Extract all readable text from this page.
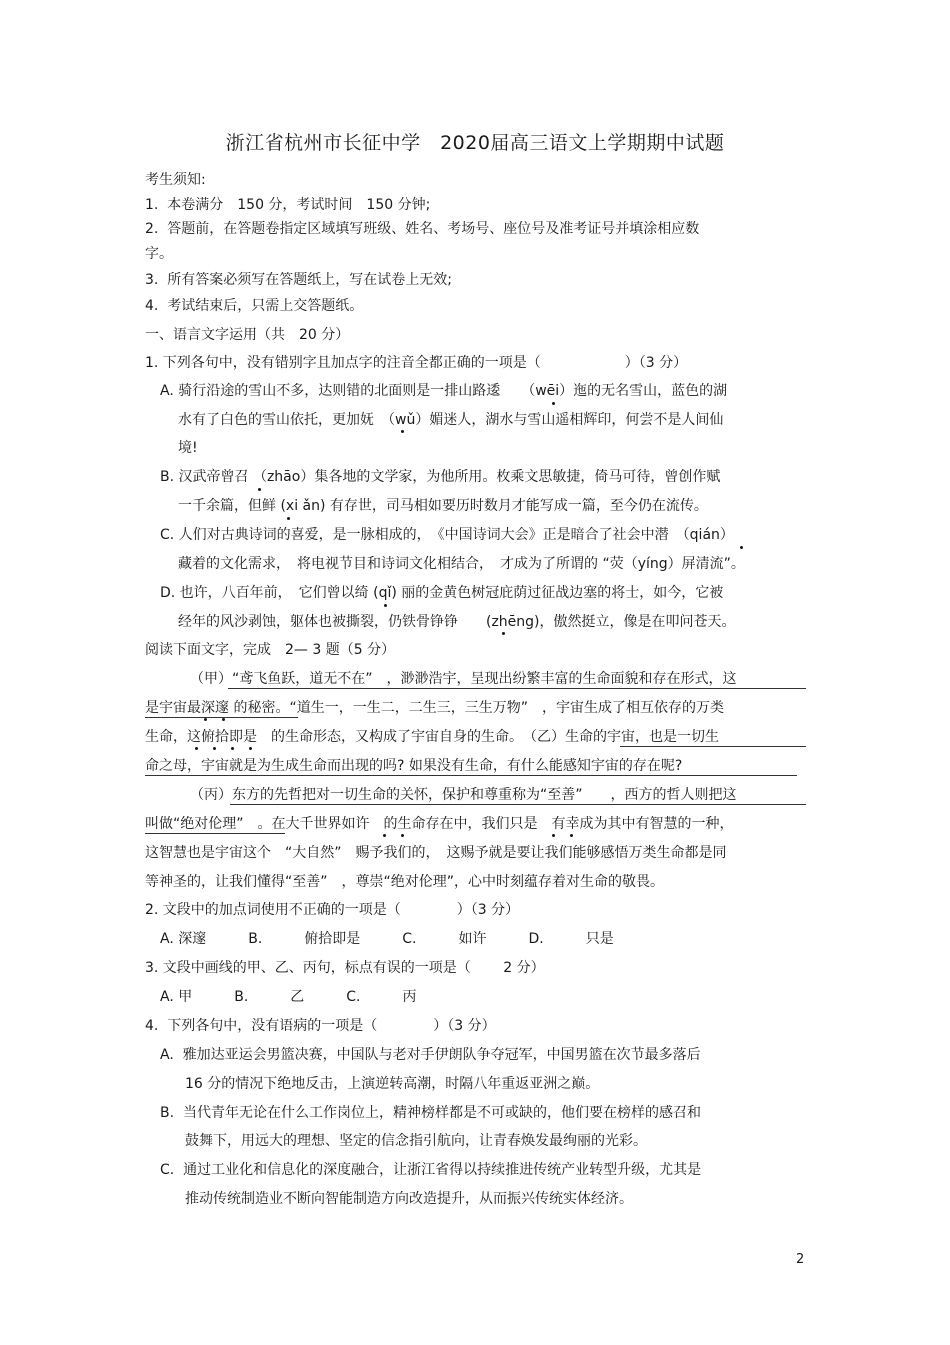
浙江省杭州市长征中学　2020届高三语文上学期期中试题
考生须知:
1.  本卷满分　150 分，考试时间　150 分钟;
2.  答题前，在答题卷指定区域填写班级、姓名、考场号、座位号及准考证号并填涂相应数
字。
3.  所有答案必须写在答题纸上，写在试卷上无效;
4.  考试结束后，只需上交答题纸。
一、语言文字运用（共　20 分）
1. 下列各句中，没有错别字且加点字的注音全都正确的一项是（　　　　　　）（3 分）
A. 骑行沿途的雪山不多，达则错的北面则是一排山路逶　　（wēi）迤的无名雪山，蓝色的湖
水有了白色的雪山依托，更加妩　（wǔ）媚迷人，湖水与雪山遥相辉印，何尝不是人间仙
境!
B. 汉武帝曾召 （zhāo）集各地的文学家，为他所用。枚乘文思敏捷，倚马可待，曾创作赋
一千余篇，但鲜 (xi ǎn) 有存世，司马相如要历时数月才能写成一篇，至今仍在流传。
C. 人们对古典诗词的喜爱，是一脉相成的，　《中国诗词大会》正是暗合了社会中潜　（qián）
藏着的文化需求，　将电视节目和诗词文化相结合，　才成为了所谓的 “荧（yíng）屏清流”。
D. 也许，八百年前，　它们曾以绮 (qǐ) 丽的金黄色树冠庇荫过征战边塞的将士，如今，它被
经年的风沙剥蚀，躯体也被撕裂，仍铁骨铮铮　　(zhēng)，傲然挺立，像是在叩问苍天。
阅读下面文字，完成　2— 3 题（5 分）
（甲）“鸢飞鱼跃，道无不在”　，渺渺浩宇，呈现出纷繁丰富的生命面貌和存在形式，这
是宇宙最深邃 的秘密。“道生一，一生二，二生三，三生万物”　，宇宙生成了相互依存的万类
生命，这俯拾即是　的生命形态，又构成了宇宙自身的生命。　（乙）生命的宇宙，也是一切生
命之母，宇宙就是为生成生命而出现的吗? 如果没有生命，有什么能感知宇宙的存在呢?
（丙）东方的先哲把对一切生命的关怀，保护和尊重称为“至善”　　，西方的哲人则把这
叫做“绝对伦理”　。在大千世界如许　的生命存在中，我们只是　有幸成为其中有智慧的一种，
这智慧也是宇宙这个　“大自然”　赐予我们的，　这赐予就是要让我们能够感悟万类生命都是同
等神圣的，让我们懂得“至善”　，尊崇“绝对伦理”，心中时刻蕴存着对生命的敬畏。
2. 文段中的加点词使用不正确的一项是（　　　　）（3 分）
A. 深邃　　　B.　　　俯拾即是　　　C.　　　如许　　　D.　　　只是
3. 文段中画线的甲、乙、丙句，标点有误的一项是（　　 2 分）
A. 甲　　　B.　　　乙　　　C.　　　丙
4.  下列各句中，没有语病的一项是（　　　　）（3 分）
A.  雅加达亚运会男篮决赛，中国队与老对手伊朗队争夺冠军，中国男篮在次节最多落后
16 分的情况下绝地反击，上演逆转高潮，时隔八年重返亚洲之巅。
B.  当代青年无论在什么工作岗位上，精神榜样都是不可或缺的，他们要在榜样的感召和
鼓舞下，用远大的理想、坚定的信念指引航向，让青春焕发最绚丽的光彩。
C.  通过工业化和信息化的深度融合，让浙江省得以持续推进传统产业转型升级，尤其是
推动传统制造业不断向智能制造方向改造提升，从而振兴传统实体经济。
2
